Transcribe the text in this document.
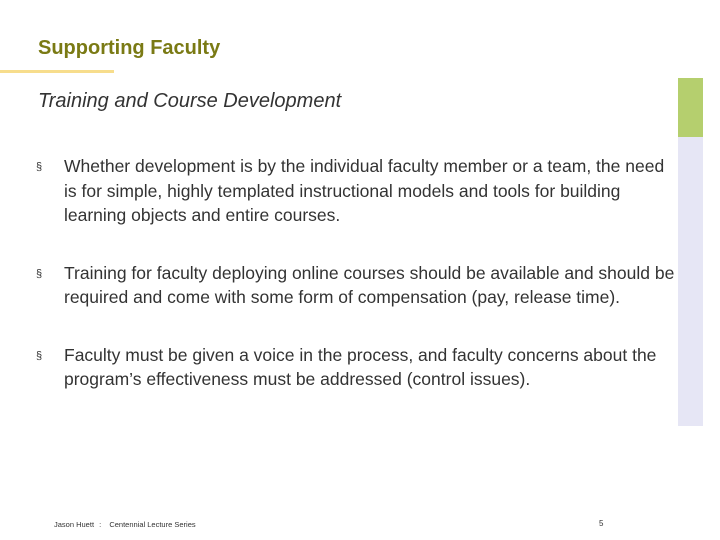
Supporting Faculty
Training and Course Development
§ Whether development is by the individual faculty member or a team, the need is for simple, highly templated instructional models and tools for building learning objects and entire courses.
§ Training for faculty deploying online courses should be available and should be required and come with some form of compensation (pay, release time).
§ Faculty must be given a voice in the process, and faculty concerns about the program’s effectiveness must be addressed (control issues).
Jason Huett : Centennial Lecture Series	5
